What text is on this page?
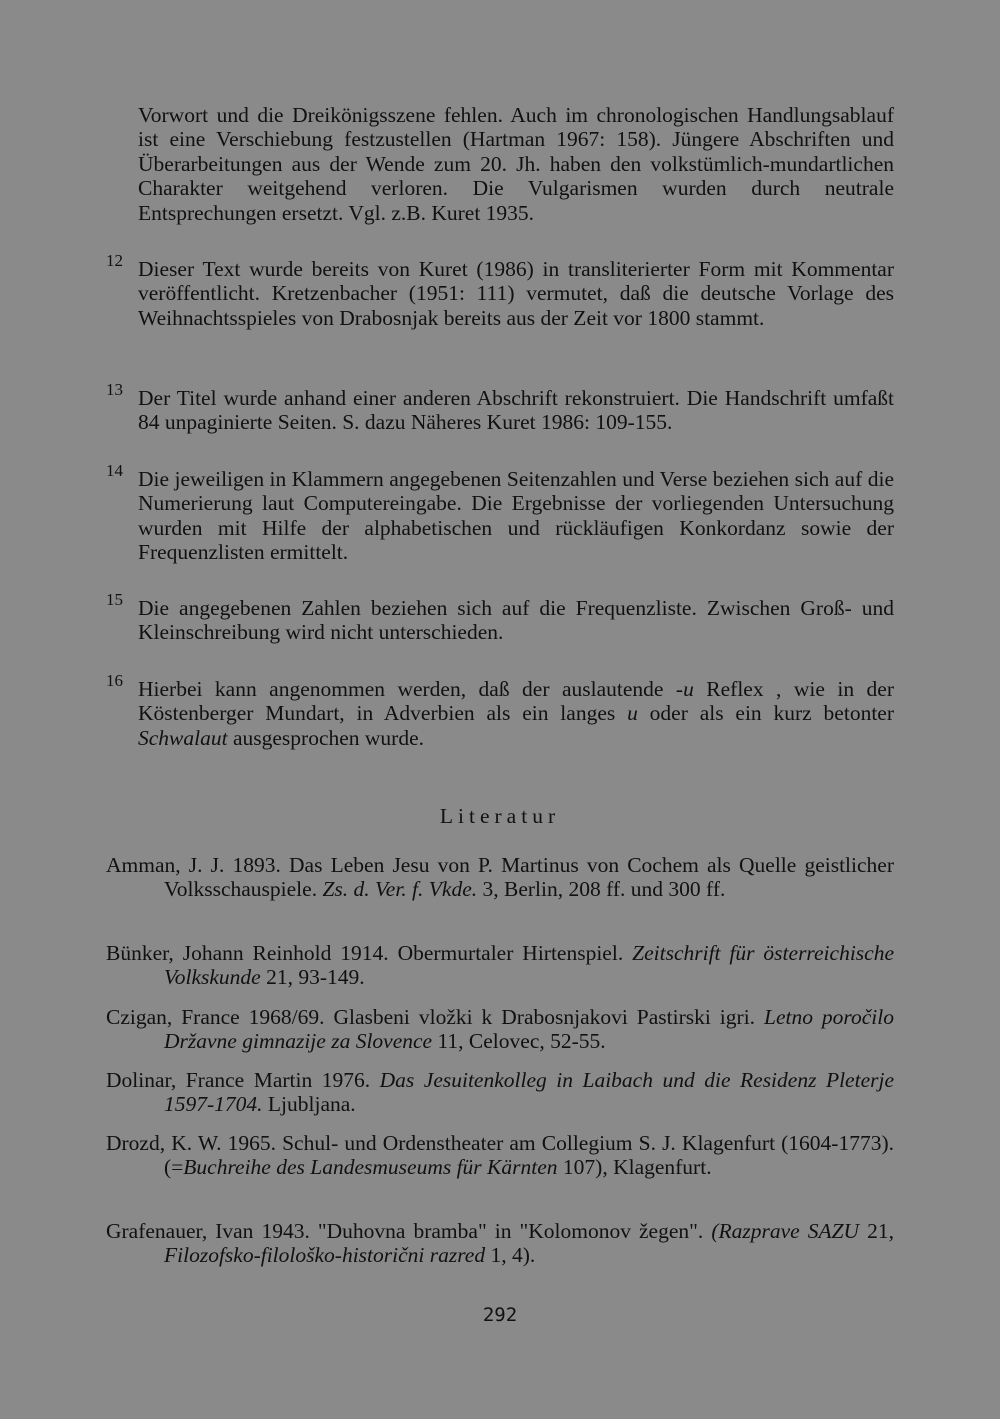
Vorwort und die Dreikönigsszene fehlen. Auch im chronologischen Handlungsablauf ist eine Verschiebung festzustellen (Hartman 1967: 158). Jüngere Abschriften und Überarbeitungen aus der Wende zum 20. Jh. haben den volkstümlich-mundartlichen Charakter weitgehend verloren. Die Vulgarismen wurden durch neutrale Entsprechungen ersetzt. Vgl. z.B. Kuret 1935.

12 Dieser Text wurde bereits von Kuret (1986) in transliterierter Form mit Kommentar veröffentlicht. Kretzenbacher (1951: 111) vermutet, daß die deutsche Vorlage des Weihnachtsspieles von Drabosnjak bereits aus der Zeit vor 1800 stammt.

13 Der Titel wurde anhand einer anderen Abschrift rekonstruiert. Die Handschrift umfaßt 84 unpaginierte Seiten. S. dazu Näheres Kuret 1986: 109-155.

14 Die jeweiligen in Klammern angegebenen Seitenzahlen und Verse beziehen sich auf die Numerierung laut Computereingabe. Die Ergebnisse der vorliegenden Untersuchung wurden mit Hilfe der alphabetischen und rückläufigen Konkordanz sowie der Frequenzlisten ermittelt.

15 Die angegebenen Zahlen beziehen sich auf die Frequenzliste. Zwischen Groß- und Kleinschreibung wird nicht unterschieden.

16 Hierbei kann angenommen werden, daß der auslautende -u Reflex , wie in der Köstenberger Mundart, in Adverbien als ein langes u oder als ein kurz betonter Schwalaut ausgesprochen wurde.

Literatur

Amman, J. J. 1893. Das Leben Jesu von P. Martinus von Cochem als Quelle geistlicher Volksschauspiele. Zs. d. Ver. f. Vkde. 3, Berlin, 208 ff. und 300 ff.

Bünker, Johann Reinhold 1914. Obermurtaler Hirtenspiel. Zeitschrift für österreichische Volkskunde 21, 93-149.

Czigan, France 1968/69. Glasbeni vložki k Drabosnjakovi Pastirski igri. Letno poročilo Državne gimnazije za Slovence 11, Celovec, 52-55.

Dolinar, France Martin 1976. Das Jesuitenkolleg in Laibach und die Residenz Pleterje 1597-1704. Ljubljana.

Drozd, K. W. 1965. Schul- und Ordenstheater am Collegium S. J. Klagenfurt (1604-1773). (=Buchreihe des Landesmuseums für Kärnten 107), Klagenfurt.

Grafenauer, Ivan 1943. "Duhovna bramba" in "Kolomonov žegen". (Razprave SAZU 21, Filozofsko-filološko-historični razred 1, 4).

292
